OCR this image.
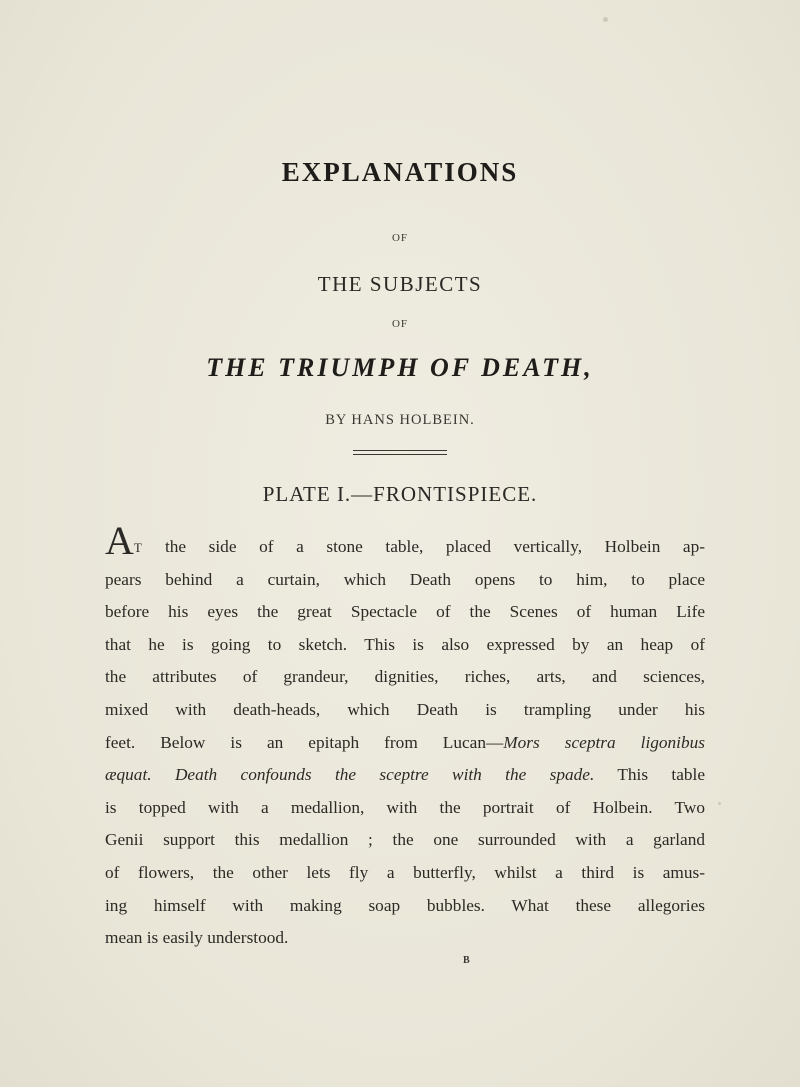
EXPLANATIONS
OF
THE SUBJECTS
OF
THE TRIUMPH OF DEATH,
BY HANS HOLBEIN.
PLATE I.—FRONTISPIECE.
AT the side of a stone table, placed vertically, Holbein ap-
pears behind a curtain, which Death opens to him, to place
before his eyes the great Spectacle of the Scenes of human Life
that he is going to sketch. This is also expressed by an heap of
the attributes of grandeur, dignities, riches, arts, and sciences,
mixed with death-heads, which Death is trampling under his
feet. Below is an epitaph from Lucan—Mors sceptra ligonibus
æquat. Death confounds the sceptre with the spade. This table
is topped with a medallion, with the portrait of Holbein. Two
Genii support this medallion ; the one surrounded with a garland
of flowers, the other lets fly a butterfly, whilst a third is amus-
ing himself with making soap bubbles. What these allegories
mean is easily understood.
B
